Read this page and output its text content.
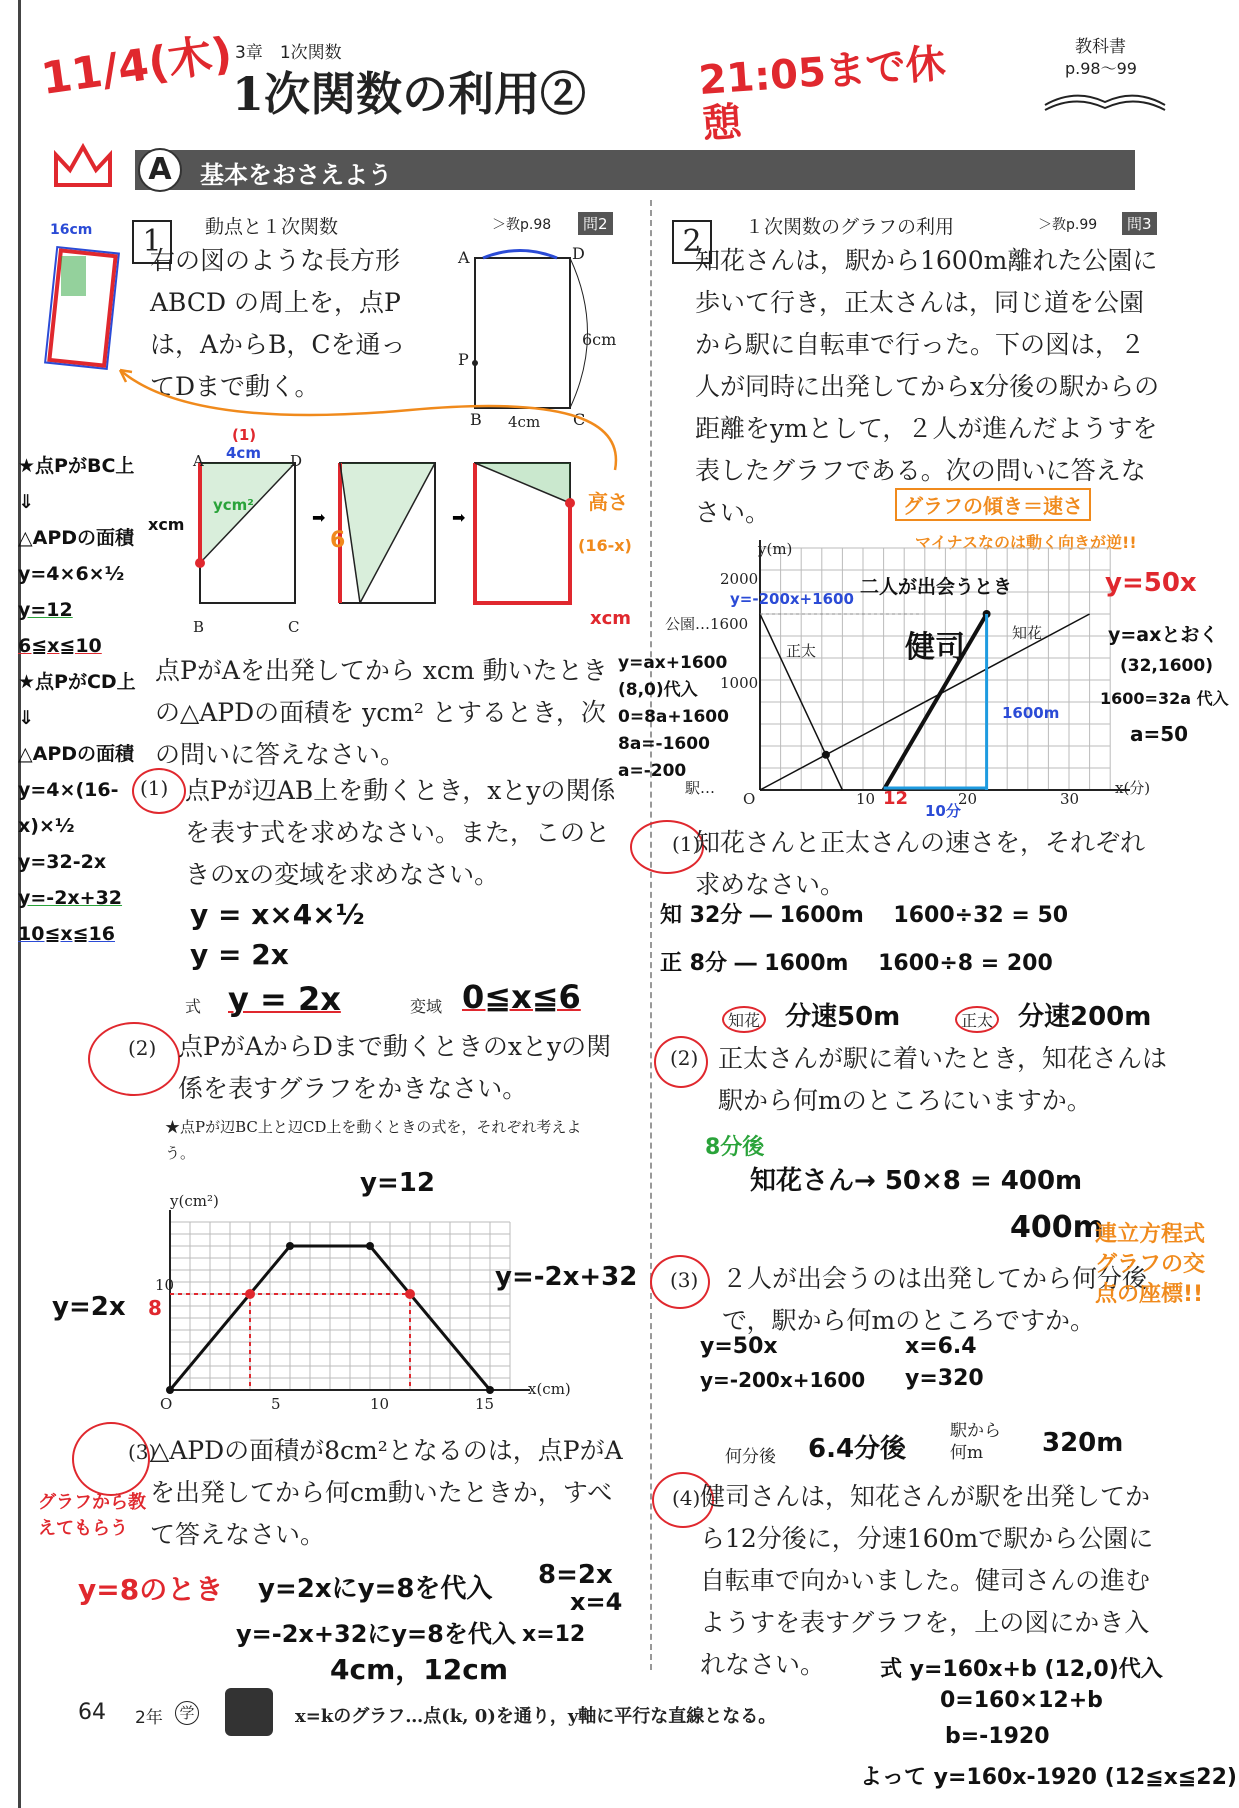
11/4(木) 3章　1次関数
1次関数の利用②	21:05まで休憩
教科書
p.98〜99
A	基本をおさえよう
1	動点と１次関数	＞教p.98	問2
右の図のような長方形 ABCD の周上を，点Pは，AからB，Cを通ってDまで動く。
A	D
P
B	C
4cm
6cm
16cm
➡	➡
A	D
B	C
(1)
4cm
ycm²
xcm
6
高さ
(16-x)
xcm
★点PがBC上
⇓
△APDの面積
y=4×6×½
y=12
6≦x≦10
★点PがCD上
⇓
△APDの面積
y=4×(16-x)×½
y=32-2x
y=-2x+32
10≦x≦16
点PがAを出発してから xcm 動いたときの△APDの面積を ycm² とするとき，次の問いに答えなさい。
(1) 点Pが辺AB上を動くとき，xとyの関係を表す式を求めなさい。また，このときのxの変域を求めなさい。
y = x×4×½
y = 2x
式 y = 2x	変域 0≦x≦6
(2) 点PがAからDまで動くときのxとyの関係を表すグラフをかきなさい。
★点Pが辺BC上と辺CD上を動くときの式を，それぞれ考えよう。
y(cm²)
x(cm)
O	5	10	15
10
8
y=12
y=2x
y=-2x+32
(3)
△APDの面積が8cm²となるのは，点PがAを出発してから何cm動いたときか，すべて答えなさい。
グラフから教えてもらう
y=8のとき y=2xにy=8を代入 8=2x
x=4
y=-2x+32にy=8を代入 x=12
4cm，12cm
2	１次関数のグラフの利用	＞教p.99	問3
知花さんは，駅から1600m離れた公園に歩いて行き，正太さんは，同じ道を公園から駅に自転車で行った。下の図は，２人が同時に出発してからx分後の駅からの距離をymとして，２人が進んだようすを表したグラフである。次の問いに答えなさい。	グラフの傾き＝速さ
マイナスなのは動く向きが逆!!
y(m)
x(分)
2000
公園…1600
1000
駅…
O	10	20	30
知花
正太
y=-200x+1600
二人が出会うとき
健司
y=50x
y=axとおく
(32,1600)
1600=32a 代入
a=50
1600m
10分
12
y=ax+1600
(8,0)代入
0=8a+1600
8a=-1600
a=-200
(1)
知花さんと正太さんの速さを，それぞれ求めなさい。
知 32分 ― 1600m　 1600÷32 = 50
正 8分 ― 1600m　 1600÷8 = 200
知花 分速50m	正太 分速200m
(2) 正太さんが駅に着いたとき，知花さんは駅から何mのところにいますか。
8分後
知花さん→ 50×8 = 400m
400m
(3) ２人が出会うのは出発してから何分後で，駅から何mのところですか。
連立方程式 グラフの交点の座標!!
y=50x
y=-200x+1600
x=6.4
y=320
何分後 6.4分後
駅から何m	320m
(4) 健司さんは，知花さんが駅を出発してから12分後に，分速160mで駅から公園に自転車で向かいました。健司さんの進むようすを表すグラフを，上の図にかき入れなさい。	式 y=160x+b (12,0)代入
0=160×12+b
b=-1920
よって y=160x-1920 (12≦x≦22)
64 2年 学	x=kのグラフ…点(k, 0)を通り，y軸に平行な直線となる。
